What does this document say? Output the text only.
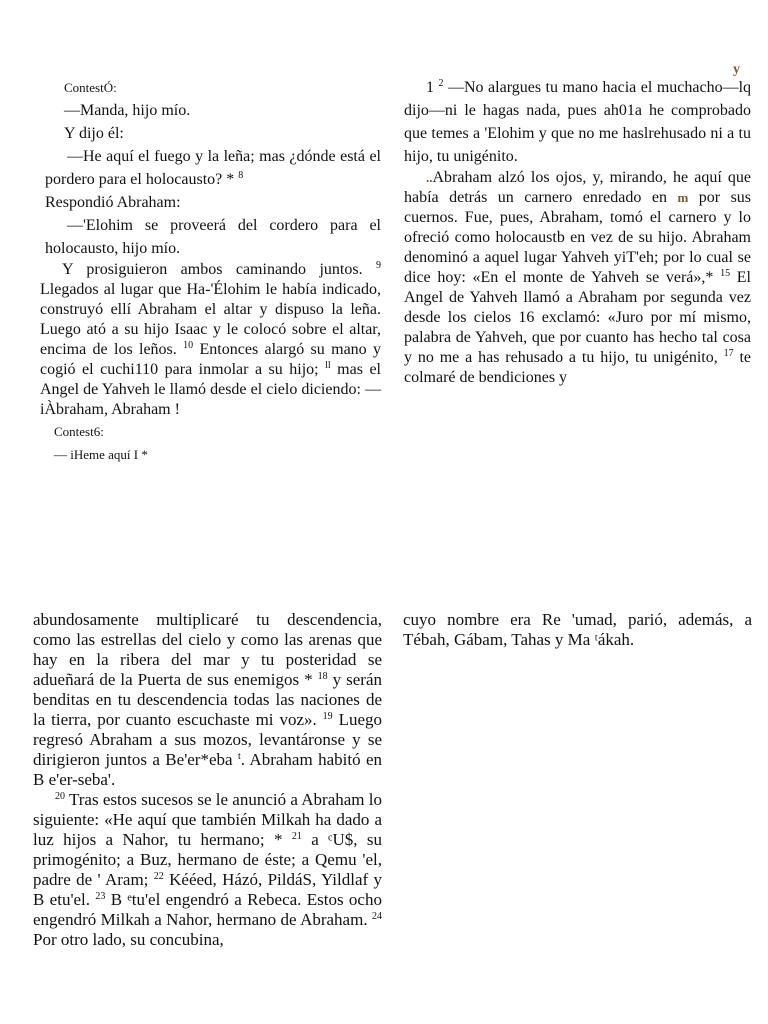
y

ContestÓ:

—Manda, hijo mío.

Y dijo él:

—He aquí el fuego y la leña; mas ¿dónde está el pordero para el holocausto? * $^8$

Respondió Abraham:

—'Elohim se proveerá del cordero para el holocausto, hijo mío.

Y prosiguieron ambos caminando juntos. $^9$ Llegados al lugar que Ha-'Élohim le había indicado, construyó ellí Abraham el altar y dispuso la leña. Luego ató a su hijo Isaac y le colocó sobre el altar, encima de los leños. $^{10}$ Entonces alargó su mano y cogió el cuchi110 para inmolar a su hijo; $^{ll}$ mas el Angel de Yahveh le llamó desde el cielo diciendo: —iÀbraham, Abraham !

Contest6:

— iHeme aquí I *

1 $^2$ —No alargues tu mano hacia el muchacho—lq dijo—ni le hagas nada, pues ah01a he comprobado que temes a 'Elohim y que no me haslrehusado ni a tu hijo, tu unigénito.

..Abraham alzó los ojos, y, mirando, he aquí que había detrás un carnero enredado en m por sus cuernos. Fue, pues, Abraham, tomó el carnero y lo ofreció como holocaustb en vez de su hijo. Abraham denominó a aquel lugar Yahveh yiT'eh; por lo cual se dice hoy: «En el monte de Yahveh se verá»,* $^{15}$ El Angel de Yahveh llamó a Abraham por segunda vez desde los cielos 16 exclamó: «Juro por mí mismo, palabra de Yahveh, que por cuanto has hecho tal cosa y no me a has rehusado a tu hijo, tu unigénito, $^{17}$ te colmaré de bendiciones y

abundosamente multiplicaré tu descendencia, como las estrellas del cielo y como las arenas que hay en la ribera del mar y tu posteridad se adueñará de la Puerta de sus enemigos * $^{18}$ y serán benditas en tu descendencia todas las naciones de la tierra, por cuanto escuchaste mi voz». $^{19}$ Luego regresó Abraham a sus mozos, levantáronse y se dirigieron juntos a Be'er*eba $^t$. Abraham habitó en B e'er-seba'.

$^{20}$ Tras estos sucesos se le anunció a Abraham lo siguiente: «He aquí que también Milkah ha dado a luz hijos a Nahor, tu hermano; * $^{21}$ a ᶜU$, su primogénito; a Buz, hermano de éste; a Qemu 'el, padre de ' Aram; $^{22}$ Kééed, Házó, PildáS, Yildlaf y B etu'el. $^{23}$ B ᵉtu'el engendró a Rebeca. Estos ocho engendró Milkah a Nahor, hermano de Abraham. $^{24}$ Por otro lado, su concubina,

cuyo nombre era Re 'umad, parió, además, a Tébah, Gábam, Tahas y Ma ᵗákah.
